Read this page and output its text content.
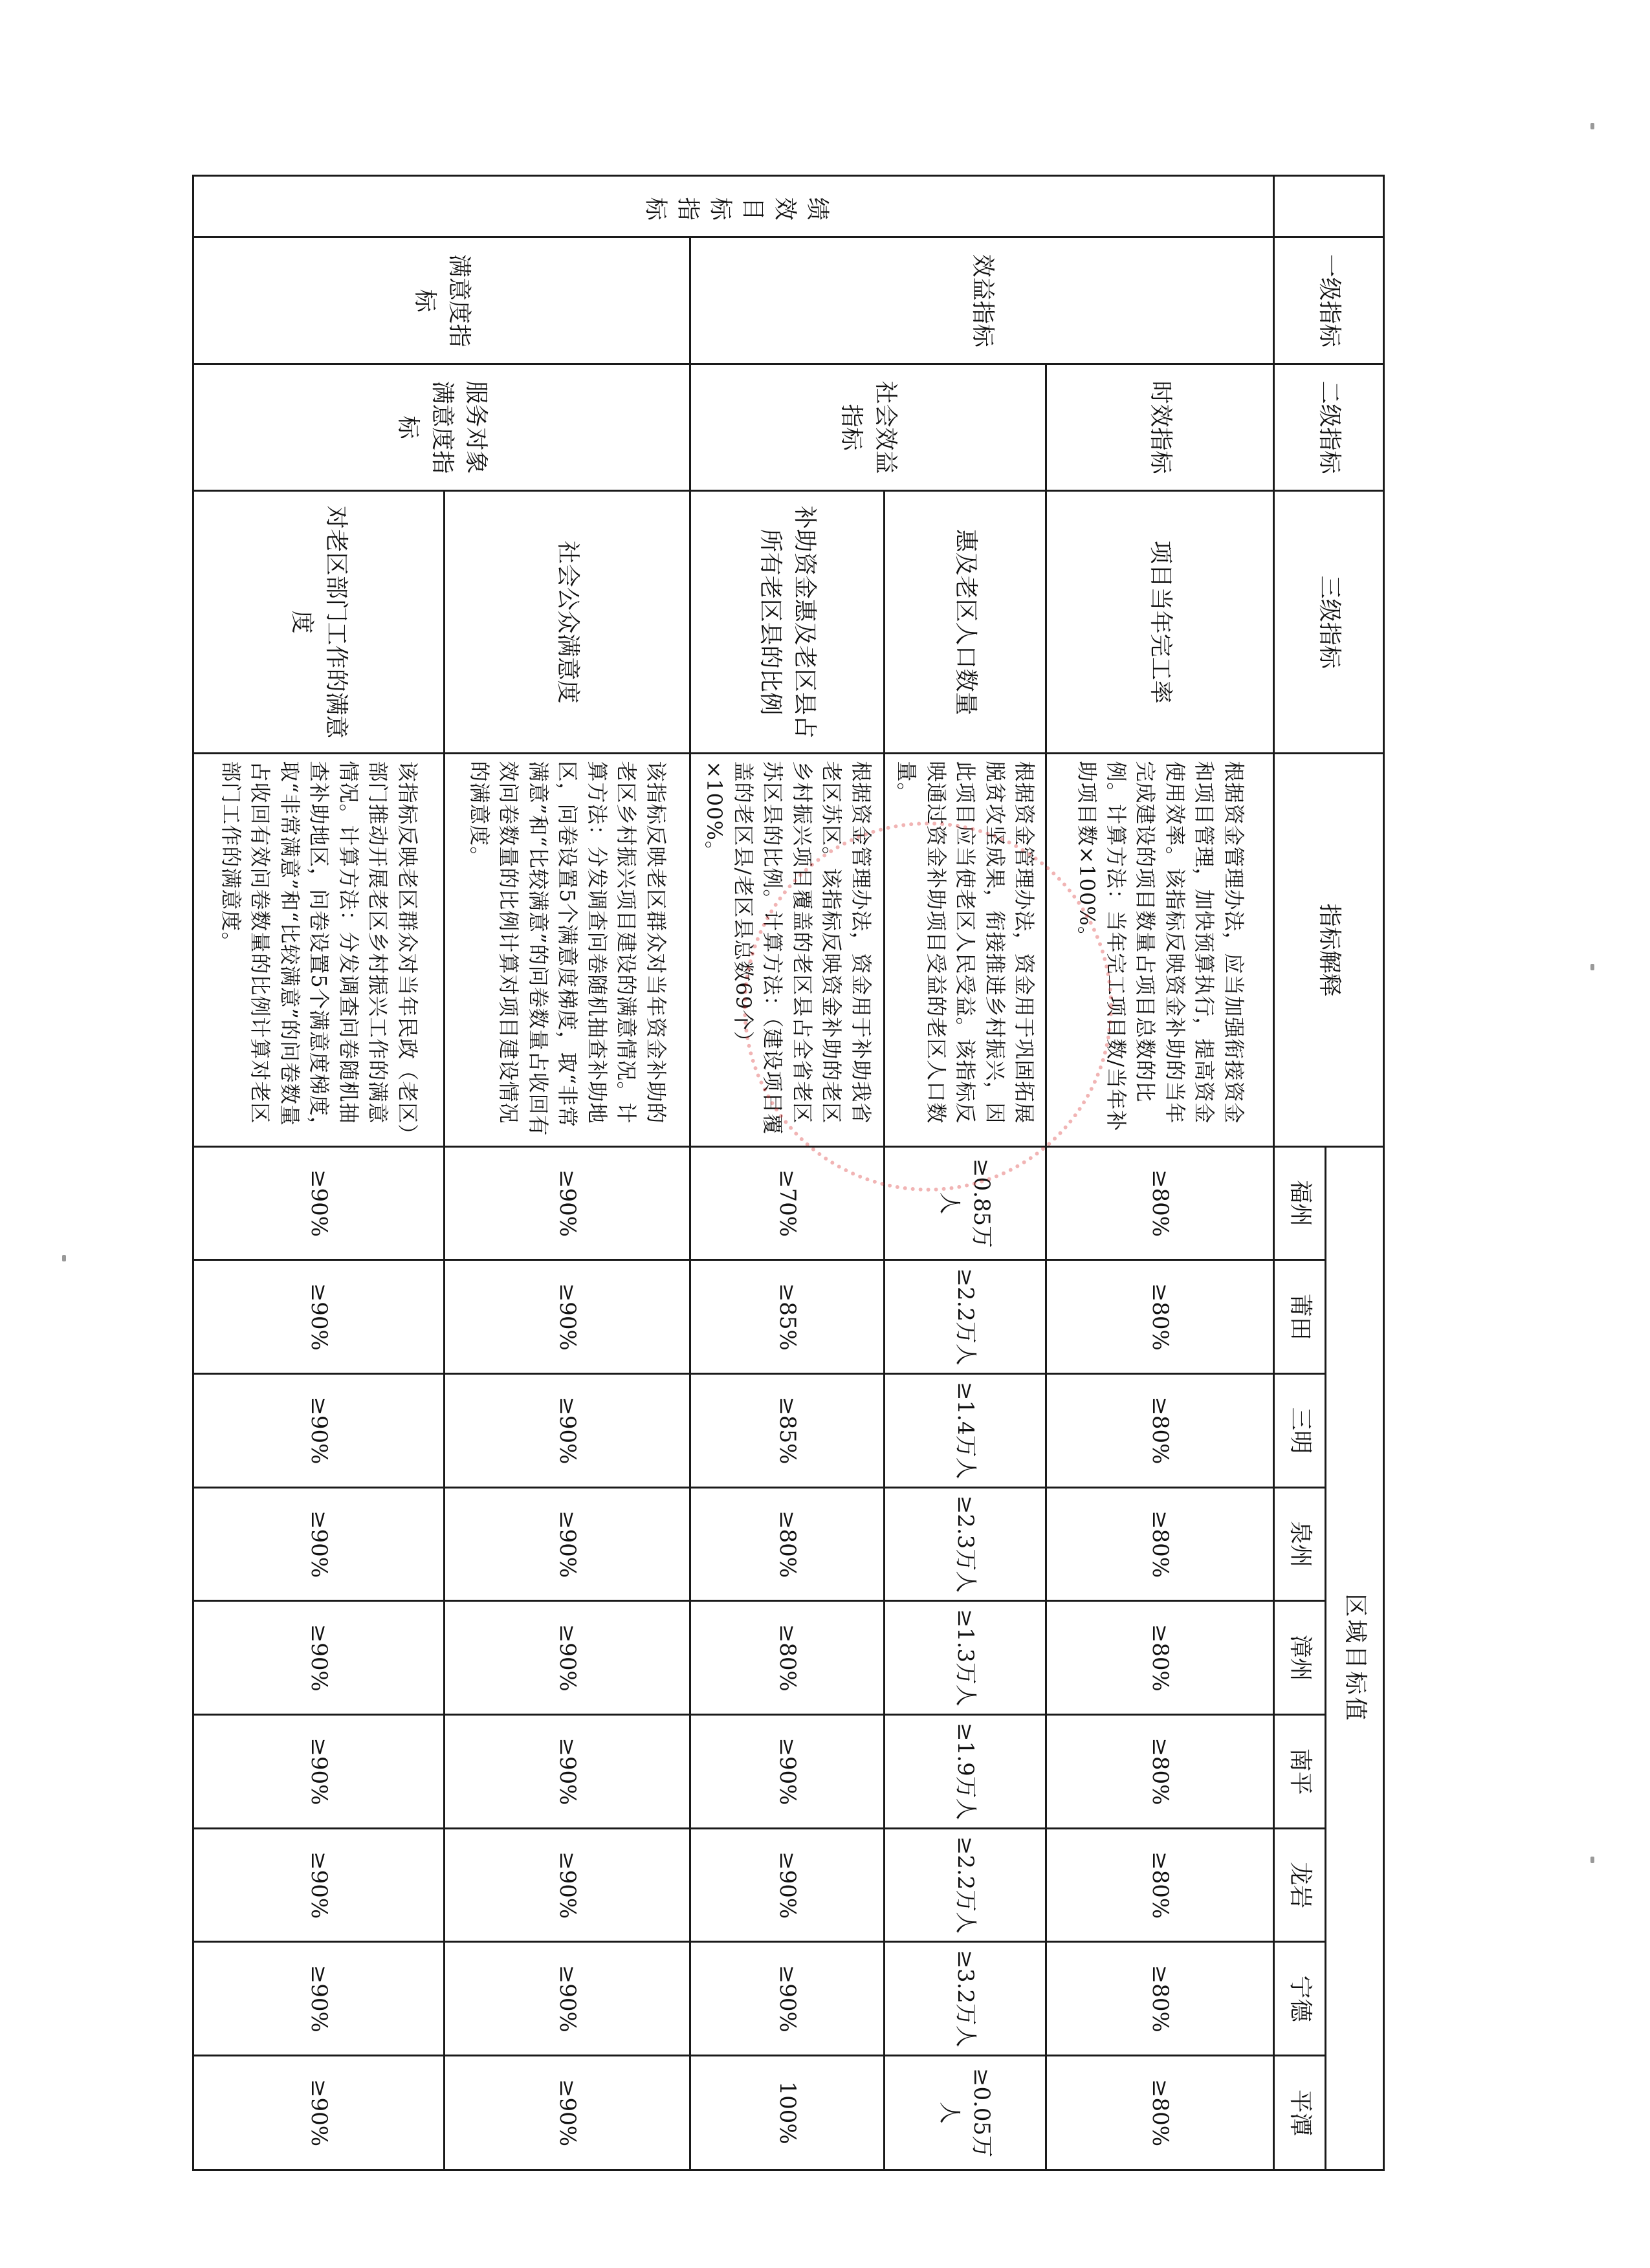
	一级指标	二级指标	三级指标	指标解释	区域目标值								
					福州	莆田	三明	泉州	漳州	南平	龙岩	宁德	平潭

绩效目标指标	效益指标	时效指标	项目当年完工率	根据资金管理办法，应当加强衔接资金和项目管理，加快预算执行，提高资金使用效率。该指标反映资金补助的当年完成建设的项目数量占项目总数的比例。计算方法：当年完工项目数/当年补助项目数×100%。	≥80%	≥80%	≥80%	≥80%	≥80%	≥80%	≥80%	≥80%	≥80%
		社会效益指标	惠及老区人口数量	根据资金管理办法，资金用于巩固拓展脱贫攻坚成果，衔接推进乡村振兴，因此项目应当使老区人民受益。该指标反映通过资金补助项目受益的老区人口数量。	≥0.85万人	≥2.2万人	≥1.4万人	≥2.3万人	≥1.3万人	≥1.9万人	≥2.2万人	≥3.2万人	≥0.05万人
			补助资金惠及老区县占所有老区县的比例	根据资金管理办法，资金用于补助我省老区苏区。该指标反映资金补助的老区乡村振兴项目覆盖的老区县占全省老区苏区县的比例。计算方法：（建设项目覆盖的老区县/老区县总数69个）×100%。	≥70%	≥85%	≥85%	≥80%	≥80%	≥90%	≥90%	≥90%	100%
	满意度指标	服务对象满意度指标	社会公众满意度	该指标反映老区群众对当年资金补助的老区乡村振兴项目建设的满意情况。计算方法：分发调查问卷随机抽查补助地区，问卷设置5个满意度梯度，取“非常满意”和“比较满意”的问卷数量占收回有效问卷数量的比例计算对项目建设情况的满意度。	≥90%	≥90%	≥90%	≥90%	≥90%	≥90%	≥90%	≥90%	≥90%
			对老区部门工作的满意度	该指标反映老区群众对当年民政（老区）部门推动开展老区乡村振兴工作的满意情况。计算方法：分发调查问卷随机抽查补助地区，问卷设置5个满意度梯度，取“非常满意”和“比较满意”的问卷数量占收回有效问卷数量的比例计算对老区部门工作的满意度。	≥90%	≥90%	≥90%	≥90%	≥90%	≥90%	≥90%	≥90%	≥90%
